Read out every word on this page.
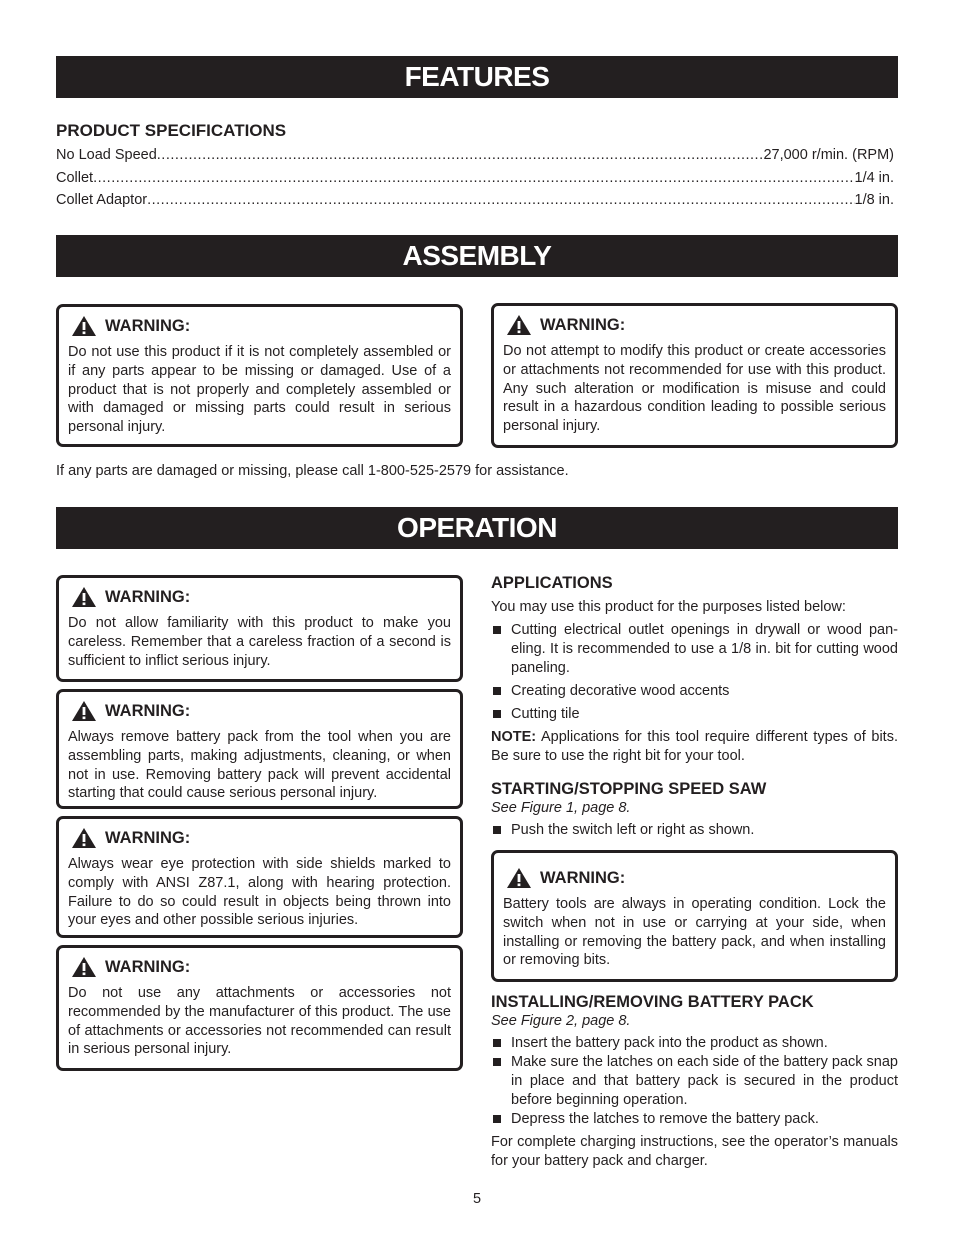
FEATURES
PRODUCT SPECIFICATIONS
No Load Speed .....	27,000 r/min. (RPM)
Collet .....	1/4 in.
Collet Adaptor .....	1/8 in.
ASSEMBLY
WARNING:

Do not use this product if it is not completely assembled or if any parts appear to be missing or damaged. Use of a product that is not properly and completely assembled or with damaged or missing parts could result in serious personal injury.

WARNING:

Do not attempt to modify this product or create accessories or attachments not recommended for use with this product. Any such alteration or modification is misuse and could result in a hazardous condition leading to possible serious personal injury.

If any parts are damaged or missing, please call 1-800-525-2579 for assistance.
OPERATION
WARNING:

Do not allow familiarity with this product to make you careless. Remember that a careless fraction of a second is sufficient to inflict serious injury.

WARNING:

Always remove battery pack from the tool when you are assembling parts, making adjustments, cleaning, or when not in use. Removing battery pack will prevent accidental starting that could cause serious personal injury.

WARNING:

Always wear eye protection with side shields marked to comply with ANSI Z87.1, along with hearing protection. Failure to do so could result in objects being thrown into your eyes and other possible serious injuries.

WARNING:

Do not use any attachments or accessories not recommended by the manufacturer of this product. The use of attachments or accessories not recommended can result in serious personal injury.

APPLICATIONS

You may use this product for the purposes listed below:

Cutting electrical outlet openings in drywall or wood pan-eling. It is recommended to use a 1/8 in. bit for cutting wood paneling.
Creating decorative wood accents
Cutting tile

NOTE: Applications for this tool require different types of bits. Be sure to use the right bit for your tool.

STARTING/STOPPING SPEED SAW
See Figure 1, page 8.
Push the switch left or right as shown.
WARNING:

Battery tools are always in operating condition. Lock the switch when not in use or carrying at your side, when installing or removing the battery pack, and when installing or removing bits.

INSTALLING/REMOVING BATTERY PACK
See Figure 2, page 8.
Insert the battery pack into the product as shown.
Make sure the latches on each side of the battery pack snap in place and that battery pack is secured in the product before beginning operation.
Depress the latches to remove the battery pack.

For complete charging instructions, see the operator’s manuals for your battery pack and charger.

5
